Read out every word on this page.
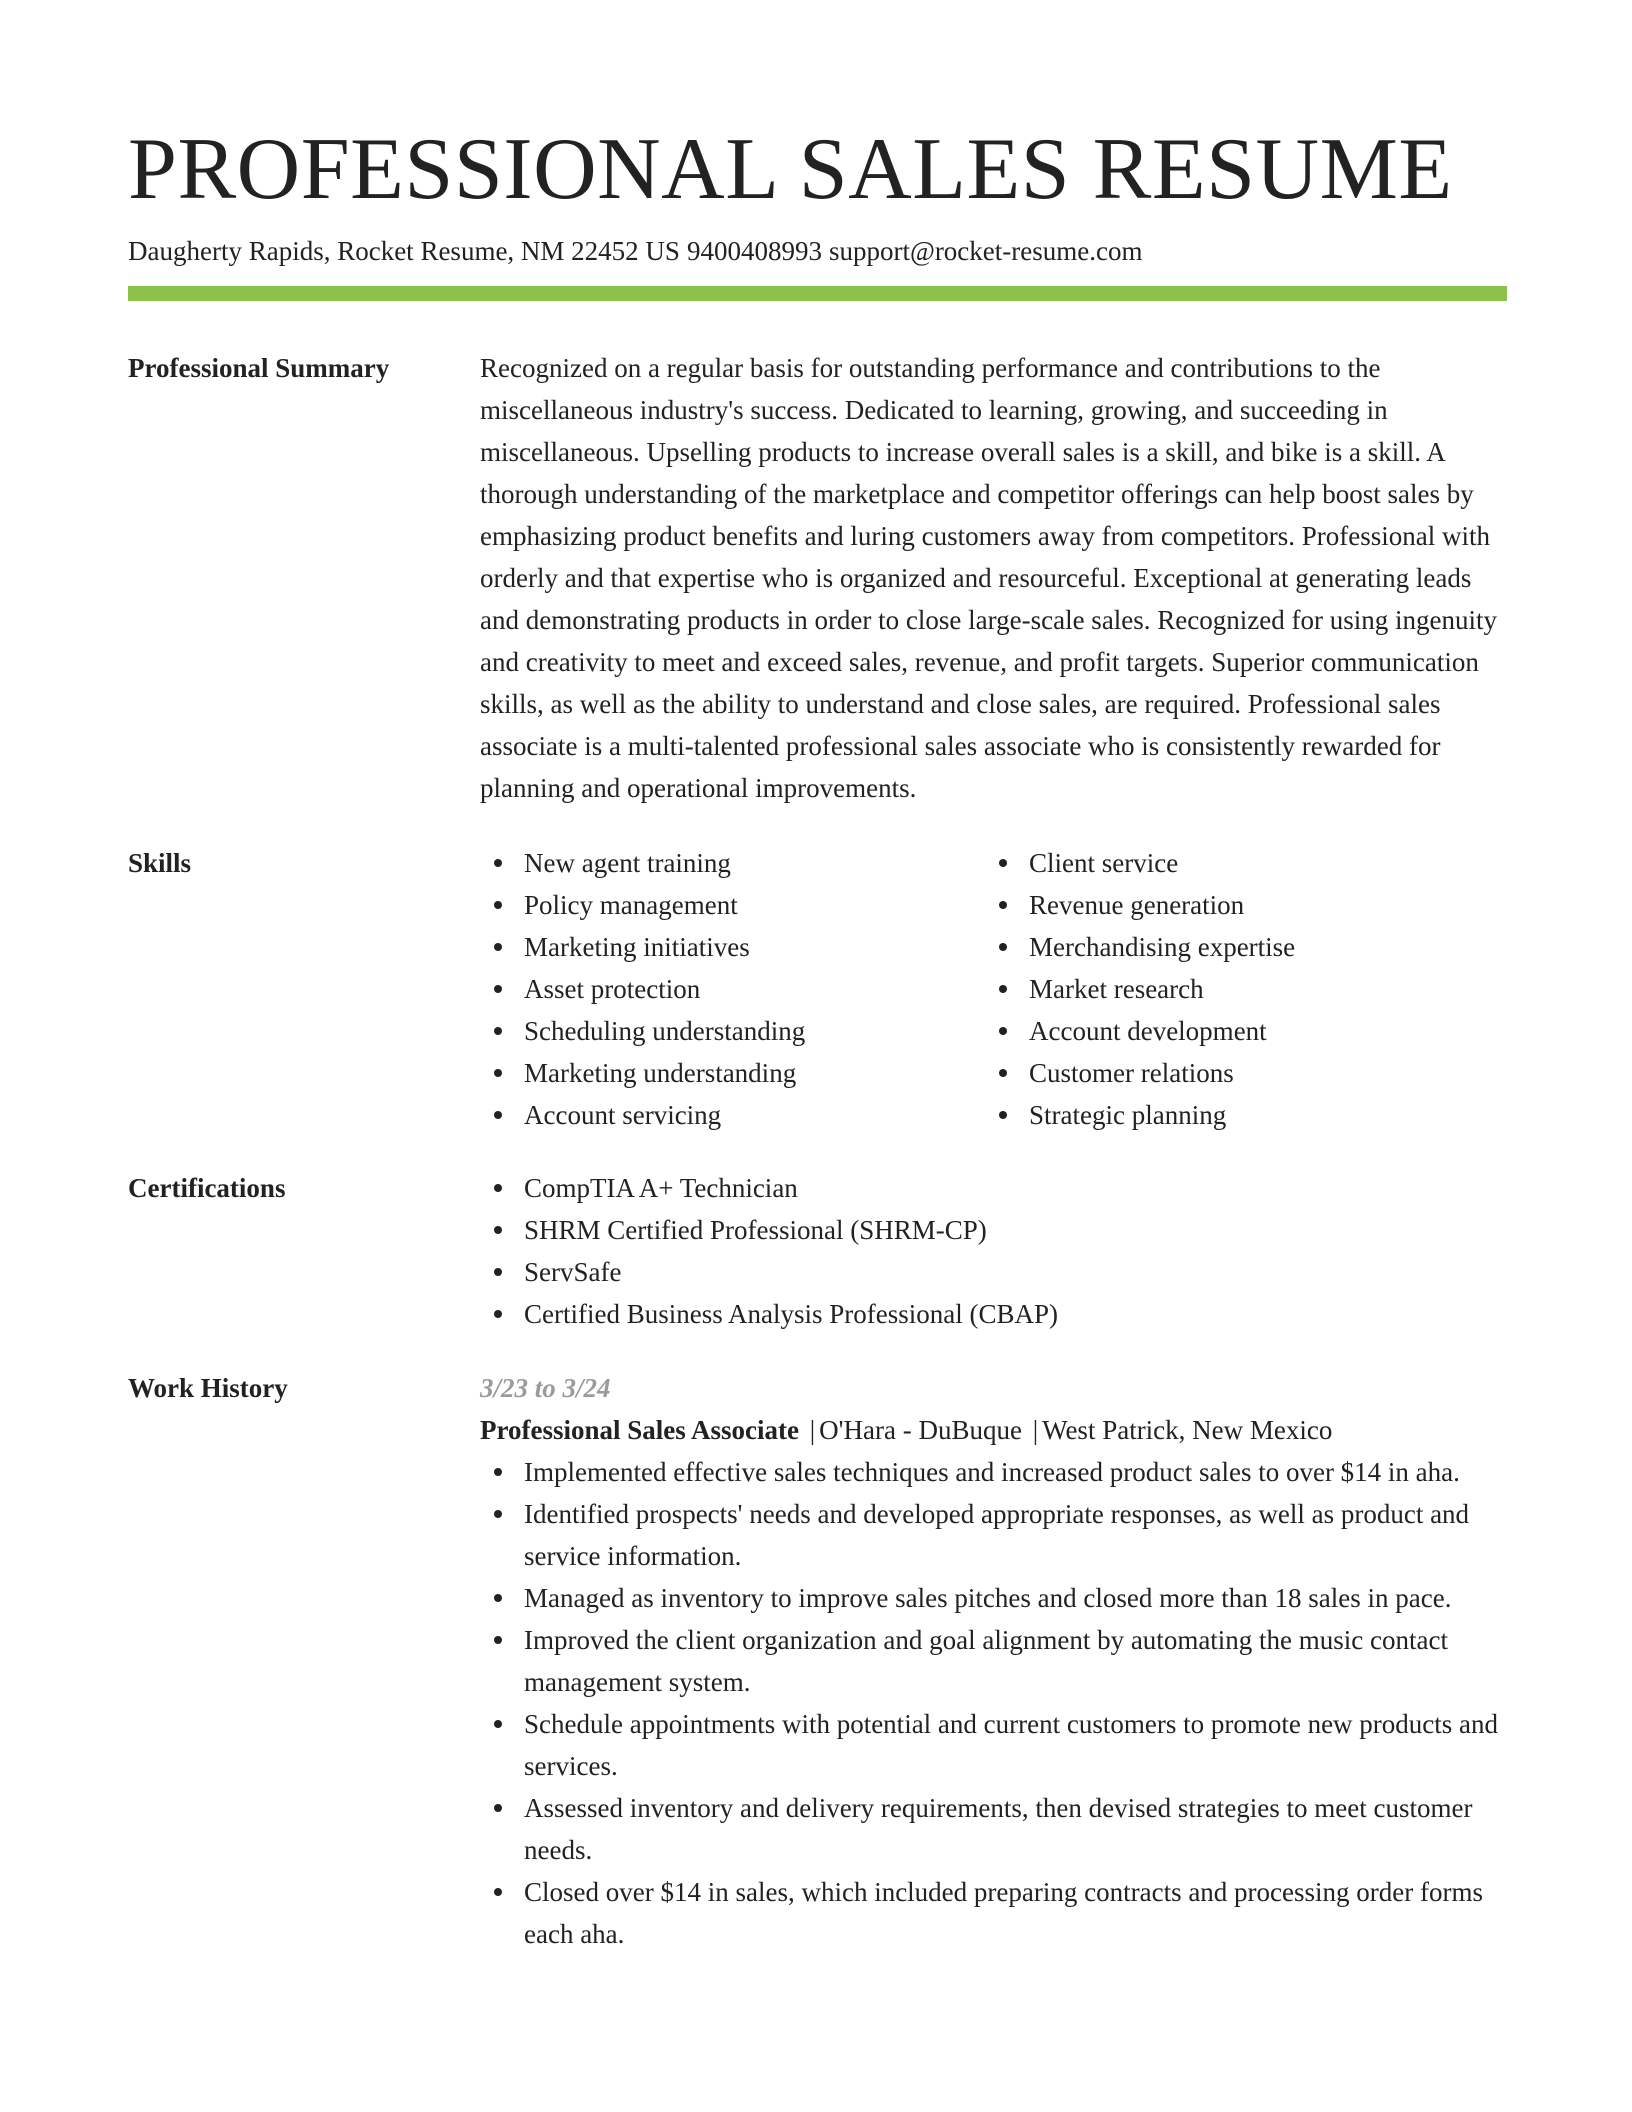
PROFESSIONAL SALES RESUME
Daugherty Rapids, Rocket Resume, NM 22452 US 9400408993 support@rocket-resume.com
Professional Summary	Recognized on a regular basis for outstanding performance and contributions to the miscellaneous industry's success. Dedicated to learning, growing, and succeeding in miscellaneous. Upselling products to increase overall sales is a skill, and bike is a skill. A thorough understanding of the marketplace and competitor offerings can help boost sales by emphasizing product benefits and luring customers away from competitors. Professional with orderly and that expertise who is organized and resourceful. Exceptional at generating leads and demonstrating products in order to close large-scale sales. Recognized for using ingenuity and creativity to meet and exceed sales, revenue, and profit targets. Superior communication skills, as well as the ability to understand and close sales, are required. Professional sales associate is a multi-talented professional sales associate who is consistently rewarded for planning and operational improvements.

Skills	New agent training
Policy management
Marketing initiatives
Asset protection
Scheduling understanding
Marketing understanding
Account servicing
Client service
Revenue generation
Merchandising expertise
Market research
Account development
Customer relations
Strategic planning
Certifications	CompTIA A+ Technician
SHRM Certified Professional (SHRM-CP)
ServSafe
Certified Business Analysis Professional (CBAP)
Work History	3/23 to 3/24
Professional Sales Associate | O'Hara - DuBuque | West Patrick, New Mexico
Implemented effective sales techniques and increased product sales to over $14 in aha.
Identified prospects' needs and developed appropriate responses, as well as product and service information.
Managed as inventory to improve sales pitches and closed more than 18 sales in pace.
Improved the client organization and goal alignment by automating the music contact management system.
Schedule appointments with potential and current customers to promote new products and services.
Assessed inventory and delivery requirements, then devised strategies to meet customer needs.
Closed over $14 in sales, which included preparing contracts and processing order forms each aha.
